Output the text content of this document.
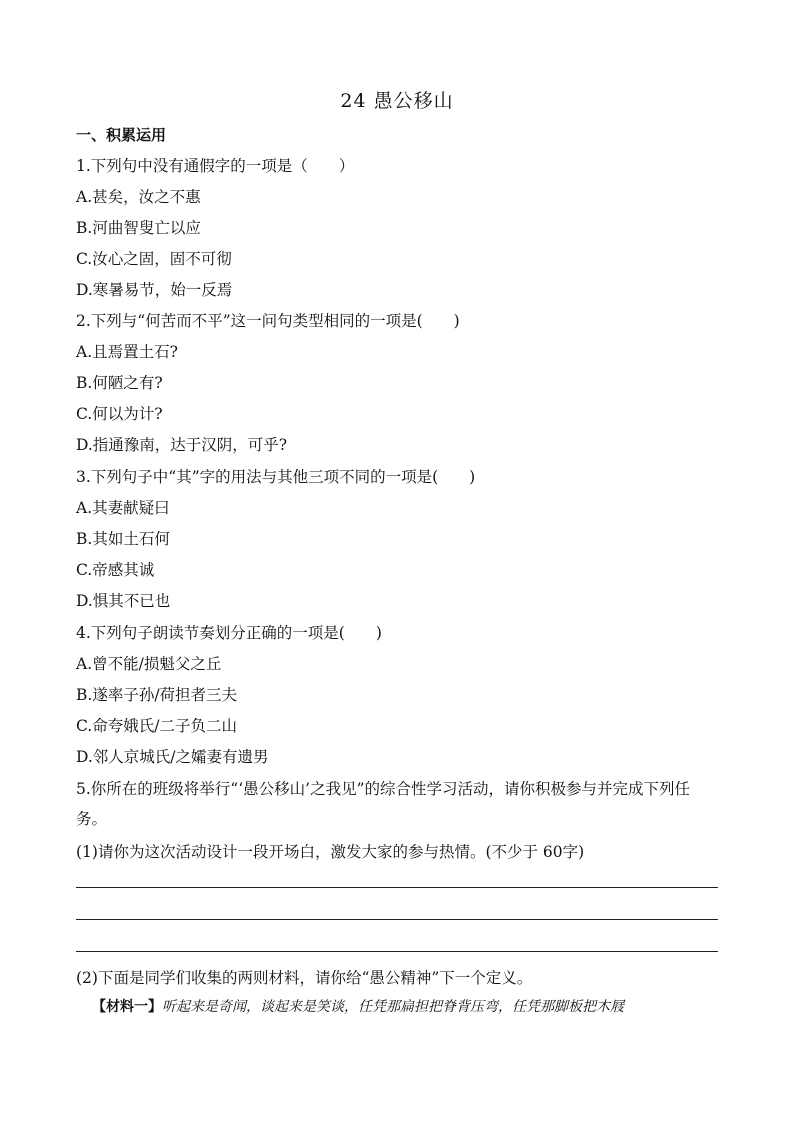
24 愚公移山
一、积累运用
1.下列句中没有通假字的一项是（　　）
A.甚矣，汝之不惠
B.河曲智叟亡以应
C.汝心之固，固不可彻
D.寒暑易节，始一反焉
2.下列与“何苦而不平”这一问句类型相同的一项是(　　)
A.且焉置土石?
B.何陋之有?
C.何以为计?
D.指通豫南，达于汉阴，可乎?
3.下列句子中“其”字的用法与其他三项不同的一项是(　　)
A.其妻献疑曰
B.其如土石何
C.帝感其诚
D.惧其不已也
4.下列句子朗读节奏划分正确的一项是(　　)
A.曾不能/损魁父之丘
B.遂率子孙/荷担者三夫
C.命夸娥氏/二子负二山
D.邻人京城氏/之孀妻有遗男
5.你所在的班级将举行“‘愚公移山’之我见”的综合性学习活动，请你积极参与并完成下列任务。
(1)请你为这次活动设计一段开场白，激发大家的参与热情。(不少于 60字)
(2)下面是同学们收集的两则材料，请你给“愚公精神”下一个定义。
【材料一】听起来是奇闻，谈起来是笑谈，任凭那扁担把脊背压弯，任凭那脚板把木屐
